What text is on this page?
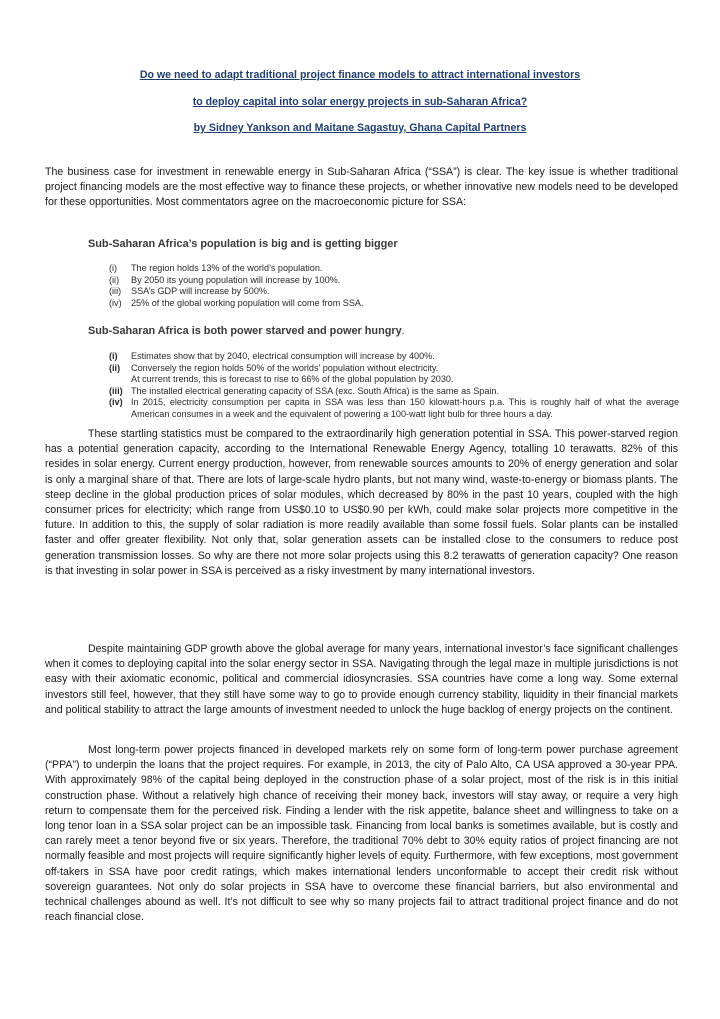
Do we need to adapt traditional project finance models to attract international investors
to deploy capital into solar energy projects in sub-Saharan Africa?
by Sidney Yankson and Maitane Sagastuy, Ghana Capital Partners
The business case for investment in renewable energy in Sub-Saharan Africa (“SSA”) is clear. The key issue is whether traditional project financing models are the most effective way to finance these projects, or whether innovative new models need to be developed for these opportunities. Most commentators agree on the macroeconomic picture for SSA:
Sub-Saharan Africa’s population is big and is getting bigger
(i) The region holds 13% of the world’s population.
(ii) By 2050 its young population will increase by 100%.
(iii) SSA’s GDP will increase by 500%.
(iv) 25% of the global working population will come from SSA.
Sub-Saharan Africa is both power starved and power hungry.
(i) Estimates show that by 2040, electrical consumption will increase by 400%.
(ii) Conversely the region holds 50% of the worlds’ population without electricity.
At current trends, this is forecast to rise to 66% of the global population by 2030.
(iii) The installed electrical generating capacity of SSA (exc. South Africa) is the same as Spain.
(iv) In 2015, electricity consumption per capita in SSA was less than 150 kilowatt-hours p.a. This is roughly half of what the average American consumes in a week and the equivalent of powering a 100-watt light bulb for three hours a day.

These startling statistics must be compared to the extraordinarily high generation potential in SSA. This power-starved region has a potential generation capacity, according to the International Renewable Energy Agency, totalling 10 terawatts. 82% of this resides in solar energy. Current energy production, however, from renewable sources amounts to 20% of energy generation and solar is only a marginal share of that. There are lots of large-scale hydro plants, but not many wind, waste-to-energy or biomass plants. The steep decline in the global production prices of solar modules, which decreased by 80% in the past 10 years, coupled with the high consumer prices for electricity; which range from US$0.10 to US$0.90 per kWh, could make solar projects more competitive in the future. In addition to this, the supply of solar radiation is more readily available than some fossil fuels. Solar plants can be installed faster and offer greater flexibility. Not only that, solar generation assets can be installed close to the consumers to reduce post generation transmission losses. So why are there not more solar projects using this 8.2 terawatts of generation capacity? One reason is that investing in solar power in SSA is perceived as a risky investment by many international investors.

Despite maintaining GDP growth above the global average for many years, international investor’s face significant challenges when it comes to deploying capital into the solar energy sector in SSA. Navigating through the legal maze in multiple jurisdictions is not easy with their axiomatic economic, political and commercial idiosyncrasies. SSA countries have come a long way. Some external investors still feel, however, that they still have some way to go to provide enough currency stability, liquidity in their financial markets and political stability to attract the large amounts of investment needed to unlock the huge backlog of energy projects on the continent.

Most long-term power projects financed in developed markets rely on some form of long-term power purchase agreement (“PPA”) to underpin the loans that the project requires. For example, in 2013, the city of Palo Alto, CA USA approved a 30-year PPA. With approximately 98% of the capital being deployed in the construction phase of a solar project, most of the risk is in this initial construction phase. Without a relatively high chance of receiving their money back, investors will stay away, or require a very high return to compensate them for the perceived risk. Finding a lender with the risk appetite, balance sheet and willingness to take on a long tenor loan in a SSA solar project can be an impossible task. Financing from local banks is sometimes available, but is costly and can rarely meet a tenor beyond five or six years. Therefore, the traditional 70% debt to 30% equity ratios of project financing are not normally feasible and most projects will require significantly higher levels of equity. Furthermore, with few exceptions, most government off-takers in SSA have poor credit ratings, which makes international lenders unconformable to accept their credit risk without sovereign guarantees. Not only do solar projects in SSA have to overcome these financial barriers, but also environmental and technical challenges abound as well. It’s not difficult to see why so many projects fail to attract traditional project finance and do not reach financial close.
